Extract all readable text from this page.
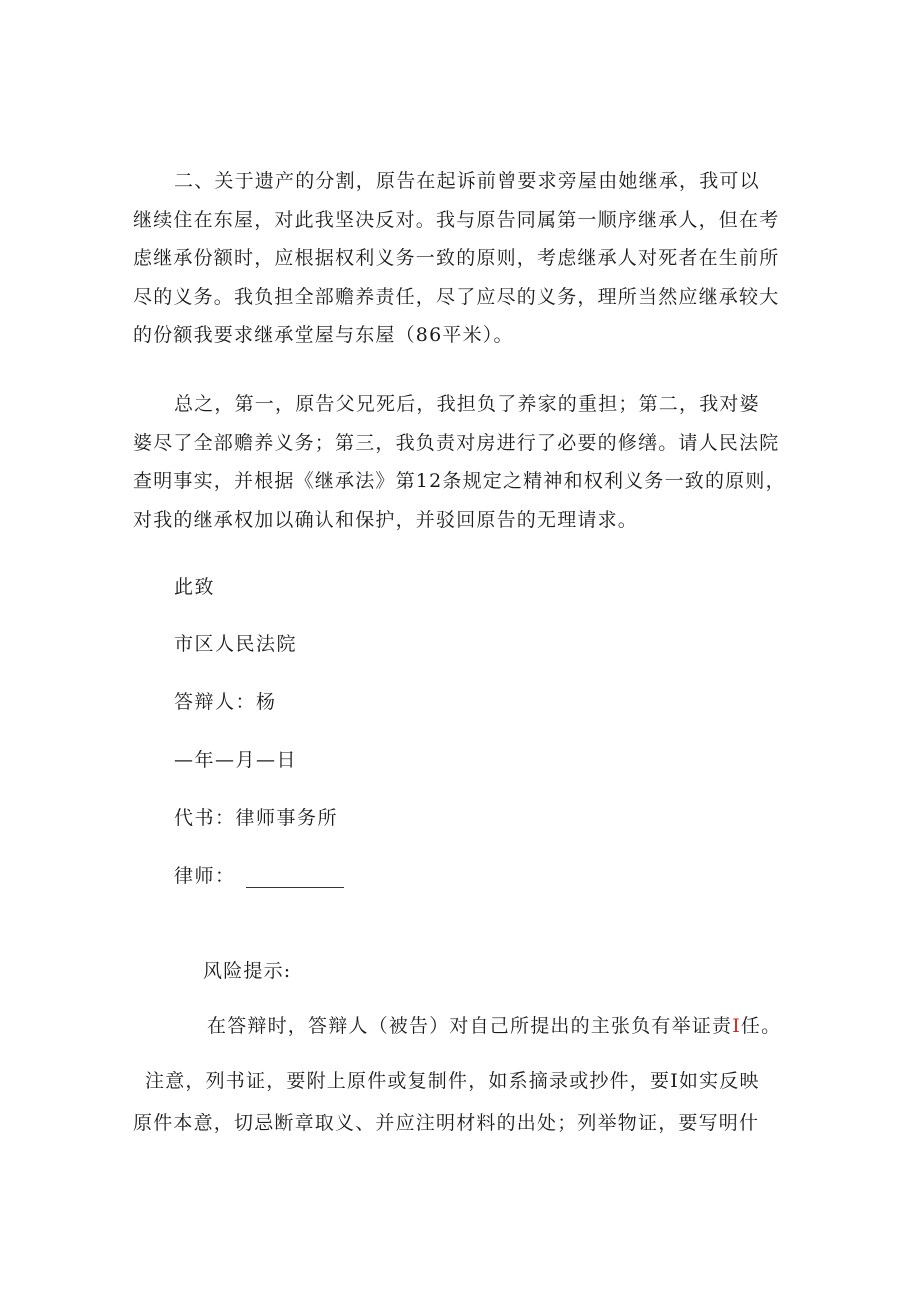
二、关于遗产的分割，原告在起诉前曾要求旁屋由她继承，我可以
继续住在东屋，对此我坚决反对。我与原告同属第一顺序继承人，但在考
虑继承份额时，应根据权利义务一致的原则，考虑继承人对死者在生前所
尽的义务。我负担全部赡养责任，尽了应尽的义务，理所当然应继承较大
的份额我要求继承堂屋与东屋（86平米）。

总之，第一，原告父兄死后，我担负了养家的重担；第二，我对婆
婆尽了全部赡养义务；第三，我负责对房进行了必要的修缮。请人民法院
查明事实，并根据《继承法》第12条规定之精神和权利义务一致的原则，
对我的继承权加以确认和保护，并驳回原告的无理请求。

此致

市区人民法院

答辩人：杨

—年—月—日

代书：律师事务所

律师：

风险提示:

在答辩时，答辩人（被告）对自己所提出的主张负有举证责I任。

注意，列书证，要附上原件或复制件，如系摘录或抄件，要I如实反映

原件本意，切忌断章取义、并应注明材料的出处；列举物证，要写明什
